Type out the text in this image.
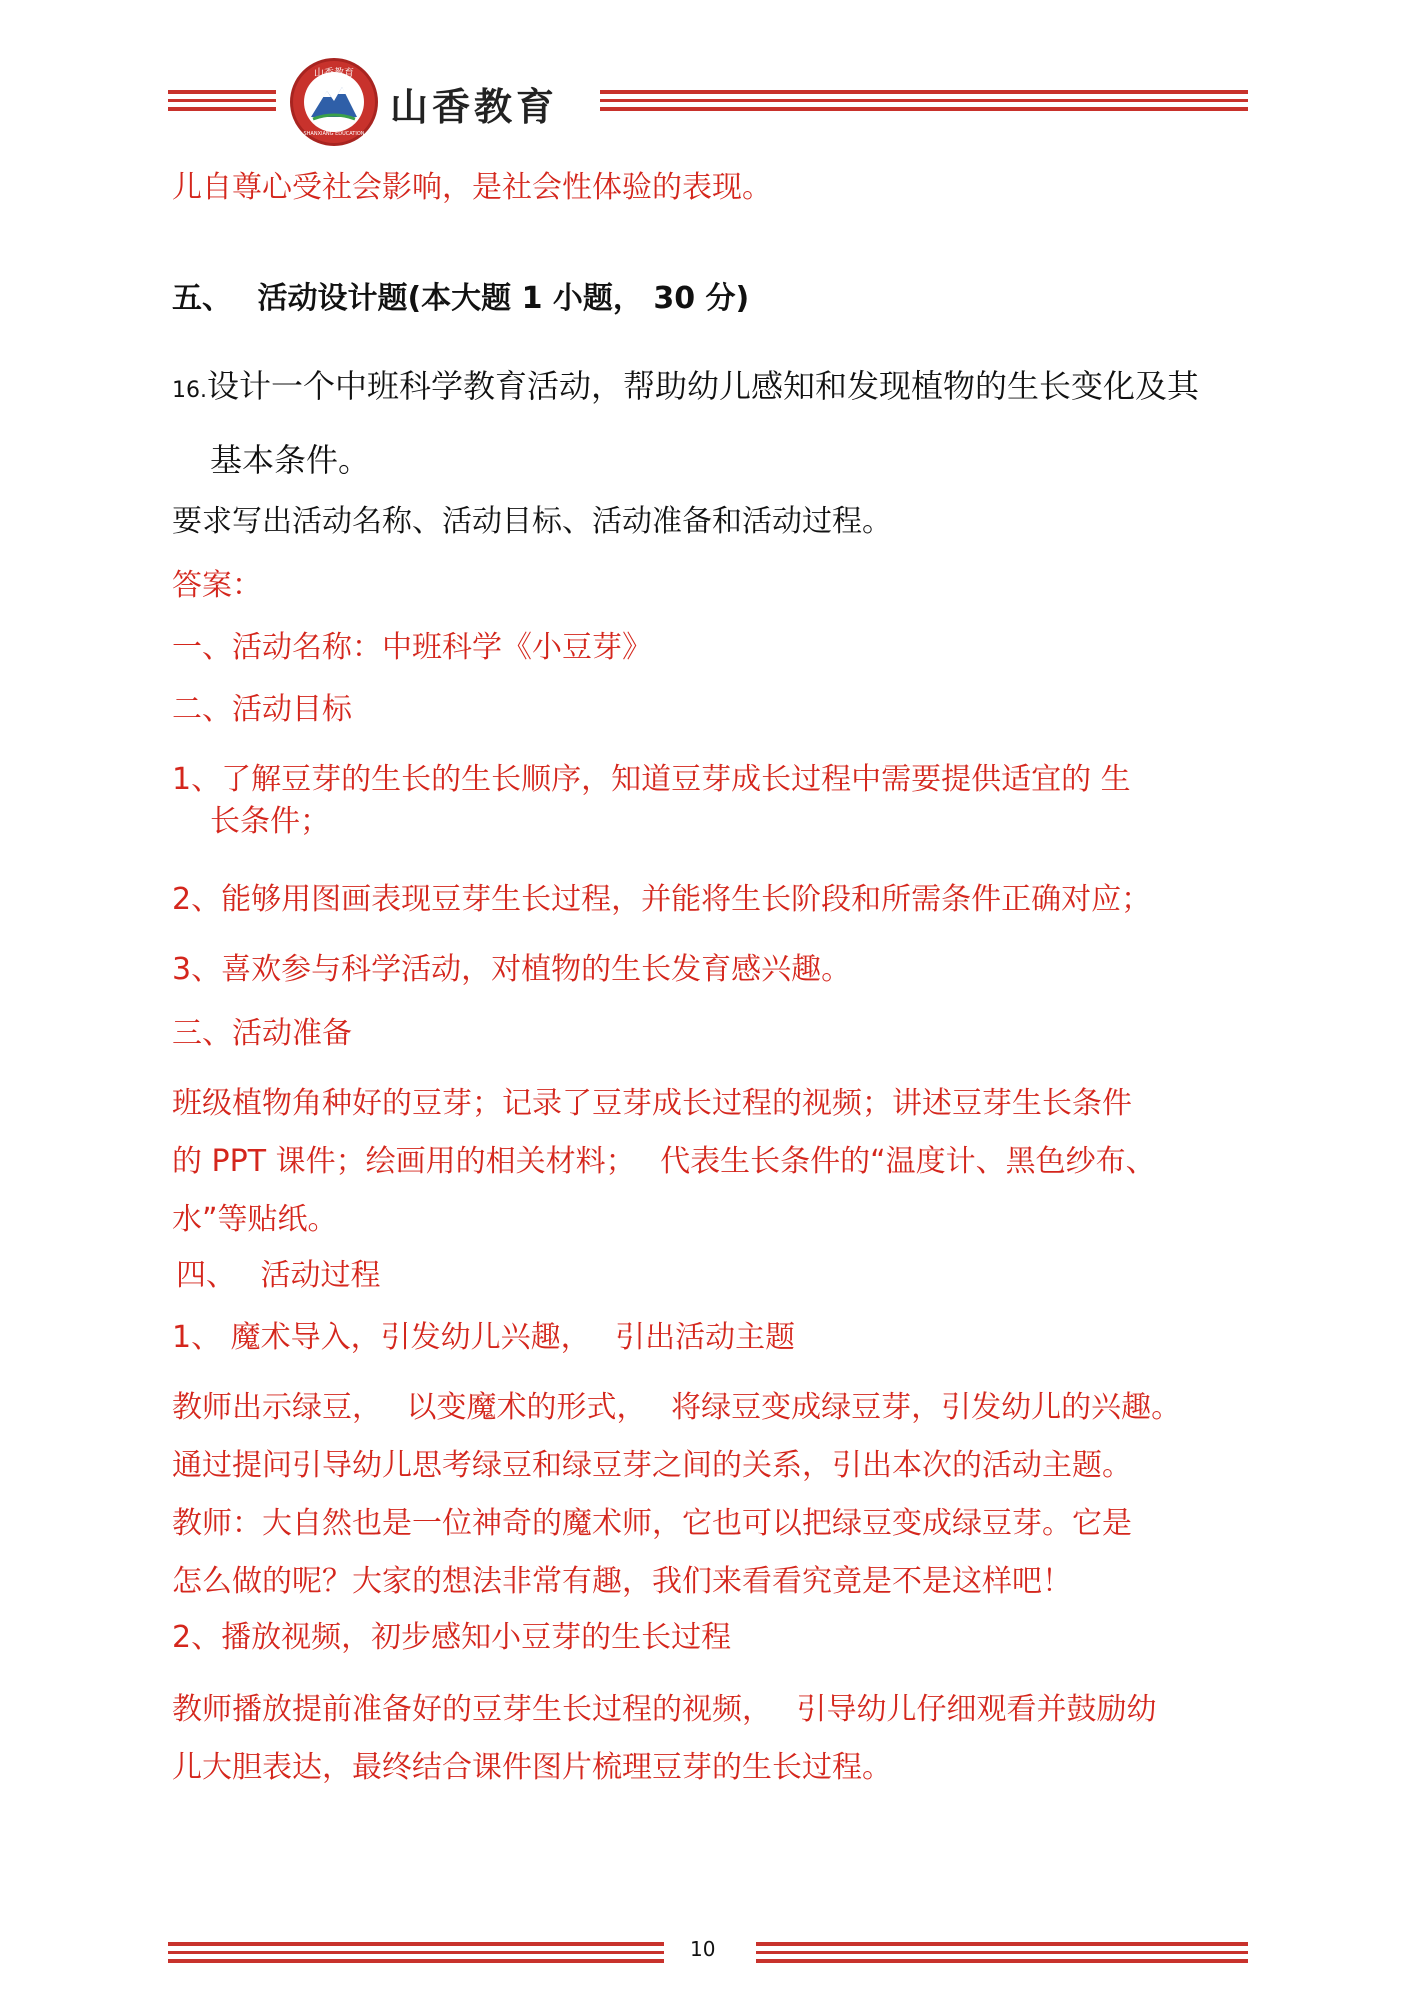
山香教育
SHANXIANG EDUCATION
山香教育
儿自尊心受社会影响，是社会性体验的表现。
五、　 活动设计题(本大题 1 小题， 30 分)
16.设计一个中班科学教育活动，帮助幼儿感知和发现植物的生长变化及其
基本条件。
要求写出活动名称、活动目标、活动准备和活动过程。
答案：
一、活动名称：中班科学《小豆芽》
二、活动目标
1、了解豆芽的生长的生长顺序，知道豆芽成长过程中需要提供适宜的 生
长条件；
2、能够用图画表现豆芽生长过程，并能将生长阶段和所需条件正确对应；
3、喜欢参与科学活动，对植物的生长发育感兴趣。
三、活动准备
班级植物角种好的豆芽；记录了豆芽成长过程的视频；讲述豆芽生长条件
的 PPT 课件；绘画用的相关材料；　 代表生长条件的“温度计、黑色纱布、
水”等贴纸。
四、　 活动过程
1、 魔术导入，引发幼儿兴趣，　 引出活动主题
教师出示绿豆，　 以变魔术的形式，　 将绿豆变成绿豆芽，引发幼儿的兴趣。
通过提问引导幼儿思考绿豆和绿豆芽之间的关系，引出本次的活动主题。
教师：大自然也是一位神奇的魔术师，它也可以把绿豆变成绿豆芽。它是
怎么做的呢？大家的想法非常有趣，我们来看看究竟是不是这样吧！
2、播放视频，初步感知小豆芽的生长过程
教师播放提前准备好的豆芽生长过程的视频，　 引导幼儿仔细观看并鼓励幼
儿大胆表达，最终结合课件图片梳理豆芽的生长过程。
10
